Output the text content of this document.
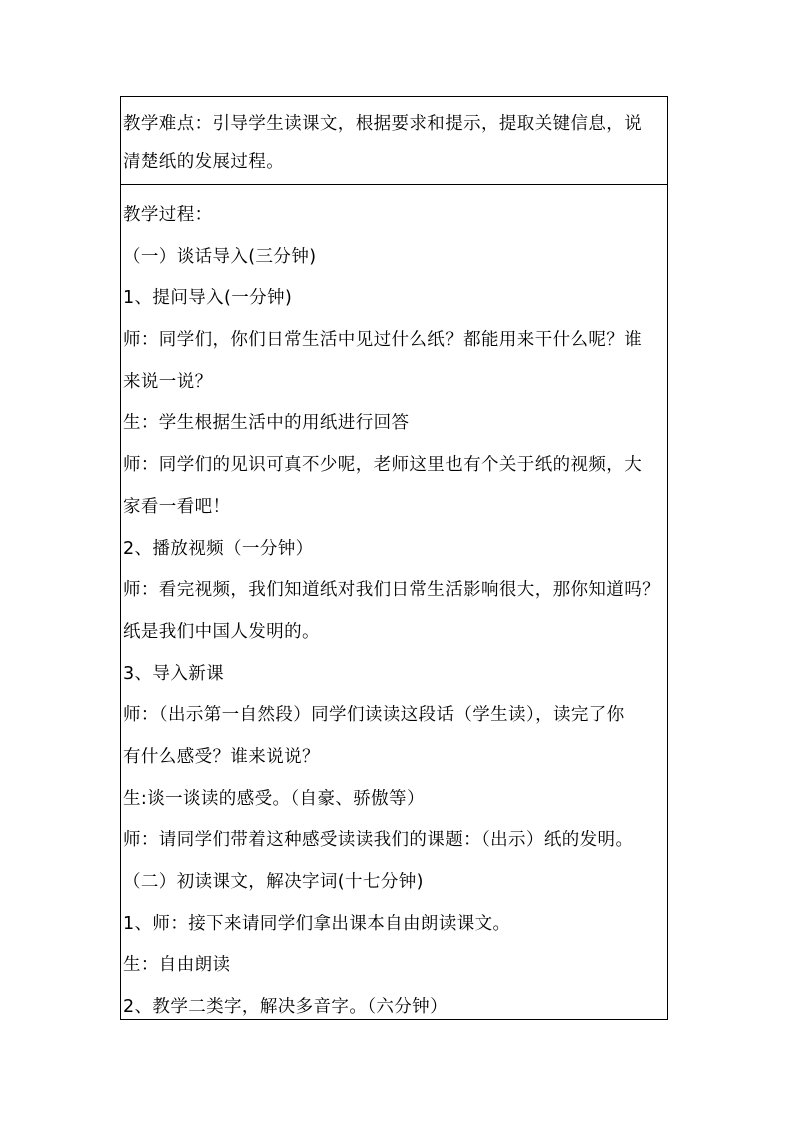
教学难点：引导学生读课文，根据要求和提示，提取关键信息，说
清楚纸的发展过程。
教学过程：
（一）谈话导入(三分钟)
1、提问导入(一分钟)
师：同学们，你们日常生活中见过什么纸？都能用来干什么呢？谁
来说一说？
生：学生根据生活中的用纸进行回答
师：同学们的见识可真不少呢，老师这里也有个关于纸的视频，大
家看一看吧！
2、播放视频（一分钟）
师：看完视频，我们知道纸对我们日常生活影响很大，那你知道吗？
纸是我们中国人发明的。
3、导入新课
师：（出示第一自然段）同学们读读这段话（学生读），读完了你
有什么感受？谁来说说？
生:谈一谈读的感受。（自豪、骄傲等）
师：请同学们带着这种感受读读我们的课题：（出示）纸的发明。
（二）初读课文，解决字词(十七分钟)
1、师：接下来请同学们拿出课本自由朗读课文。
生：自由朗读
2、教学二类字，解决多音字。（六分钟）
